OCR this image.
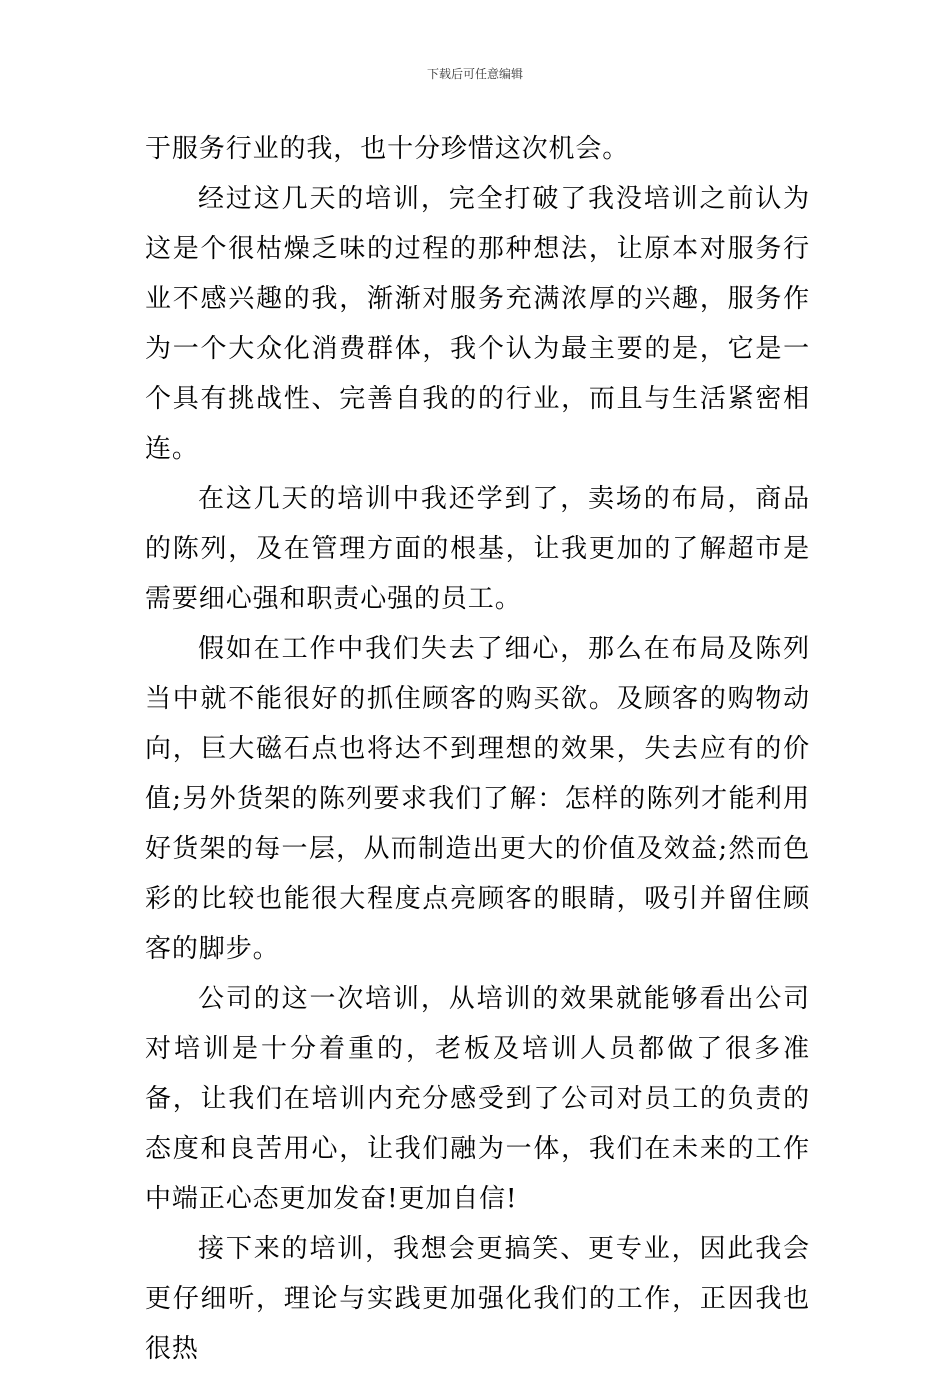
下载后可任意编辑

于服务行业的我，也十分珍惜这次机会。

经过这几天的培训，完全打破了我没培训之前认为这是个很枯燥乏味的过程的那种想法，让原本对服务行业不感兴趣的我，渐渐对服务充满浓厚的兴趣，服务作为一个大众化消费群体，我个认为最主要的是，它是一个具有挑战性、完善自我的的行业，而且与生活紧密相连。

在这几天的培训中我还学到了，卖场的布局，商品的陈列，及在管理方面的根基，让我更加的了解超市是需要细心强和职责心强的员工。

假如在工作中我们失去了细心，那么在布局及陈列当中就不能很好的抓住顾客的购买欲。及顾客的购物动向，巨大磁石点也将达不到理想的效果，失去应有的价值;另外货架的陈列要求我们了解：怎样的陈列才能利用好货架的每一层，从而制造出更大的价值及效益;然而色彩的比较也能很大程度点亮顾客的眼睛，吸引并留住顾客的脚步。

公司的这一次培训，从培训的效果就能够看出公司对培训是十分着重的，老板及培训人员都做了很多准备，让我们在培训内充分感受到了公司对员工的负责的态度和良苦用心，让我们融为一体，我们在未来的工作中端正心态更加发奋!更加自信!

接下来的培训，我想会更搞笑、更专业，因此我会更仔细听，理论与实践更加强化我们的工作，正因我也很热
